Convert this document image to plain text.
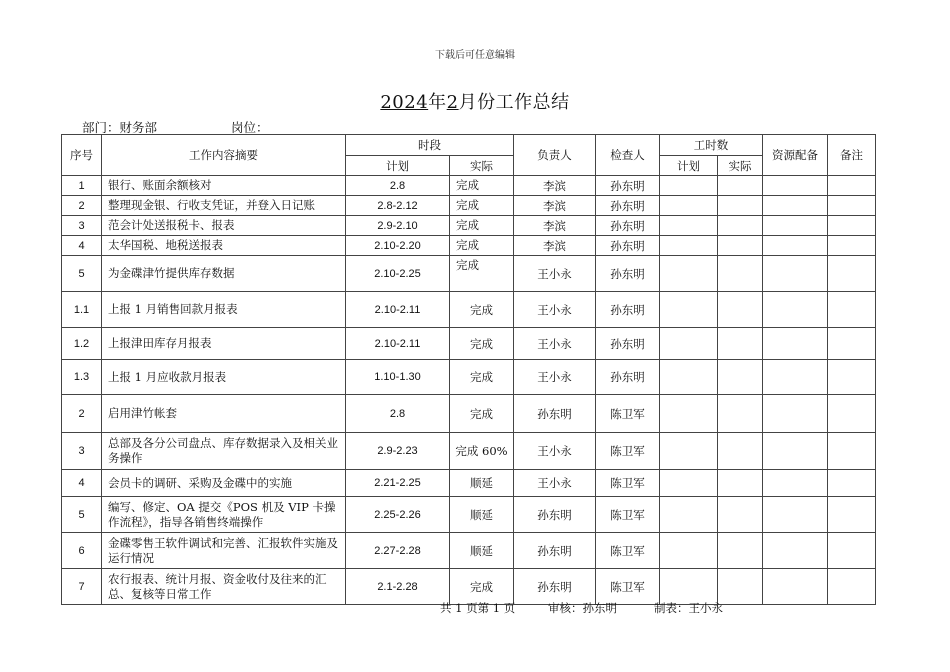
下载后可任意编辑
2024年2月份工作总结
部门：财务部	岗位：
序号	工作内容摘要	时段		负责人	检查人	工时数		资源配备	备注
		计划	实际			计划	实际		
1	银行、账面余额核对	2.8	完成	李滨	孙东明				
2	整理现金银、行收支凭证，并登入日记账	2.8-2.12	完成	李滨	孙东明				
3	范会计处送报税卡、报表	2.9-2.10	完成	李滨	孙东明				
4	太华国税、地税送报表	2.10-2.20	完成	李滨	孙东明				
5	为金碟津竹提供库存数据	2.10-2.25	完成	王小永	孙东明				
1.1	上报 1 月销售回款月报表	2.10-2.11	完成	王小永	孙东明				
1.2	上报津田库存月报表	2.10-2.11	完成	王小永	孙东明				
1.3	上报 1 月应收款月报表	1.10-1.30	完成	王小永	孙东明				
2	启用津竹帐套	2.8	完成	孙东明	陈卫军				
3	总部及各分公司盘点、库存数据录入及相关业务操作	2.9-2.23	完成 60%	王小永	陈卫军				
4	会员卡的调研、采购及金碟中的实施	2.21-2.25	顺延	王小永	陈卫军				
5	编写、修定、OA 提交《POS 机及 VIP 卡操作流程》，指导各销售终端操作	2.25-2.26	顺延	孙东明	陈卫军				
6	金碟零售王软件调试和完善、汇报软件实施及运行情况	2.27-2.28	顺延	孙东明	陈卫军				
7	农行报表、统计月报、资金收付及往来的汇总、复核等日常工作	2.1-2.28	完成	孙东明	陈卫军				
共 1 页第 1 页	审核：孙东明	制表：王小永
